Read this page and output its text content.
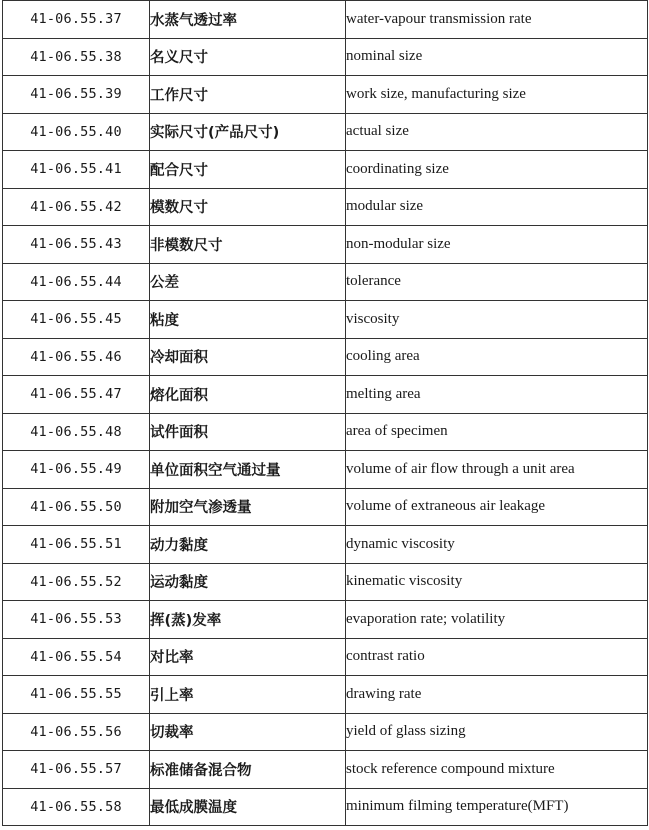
41-06.55.37	水蒸气透过率	water-vapour transmission rate
41-06.55.38	名义尺寸	nominal size
41-06.55.39	工作尺寸	work size, manufacturing size
41-06.55.40	实际尺寸(产品尺寸)	actual size
41-06.55.41	配合尺寸	coordinating size
41-06.55.42	模数尺寸	modular size
41-06.55.43	非模数尺寸	non-modular size
41-06.55.44	公差	tolerance
41-06.55.45	粘度	viscosity
41-06.55.46	冷却面积	cooling area
41-06.55.47	熔化面积	melting area
41-06.55.48	试件面积	area of specimen
41-06.55.49	单位面积空气通过量	volume of air flow through a unit area
41-06.55.50	附加空气渗透量	volume of extraneous air leakage
41-06.55.51	动力黏度	dynamic viscosity
41-06.55.52	运动黏度	kinematic viscosity
41-06.55.53	挥(蒸)发率	evaporation rate; volatility
41-06.55.54	对比率	contrast ratio
41-06.55.55	引上率	drawing rate
41-06.55.56	切裁率	yield of glass sizing
41-06.55.57	标准储备混合物	stock reference compound mixture
41-06.55.58	最低成膜温度	minimum filming temperature(MFT)
